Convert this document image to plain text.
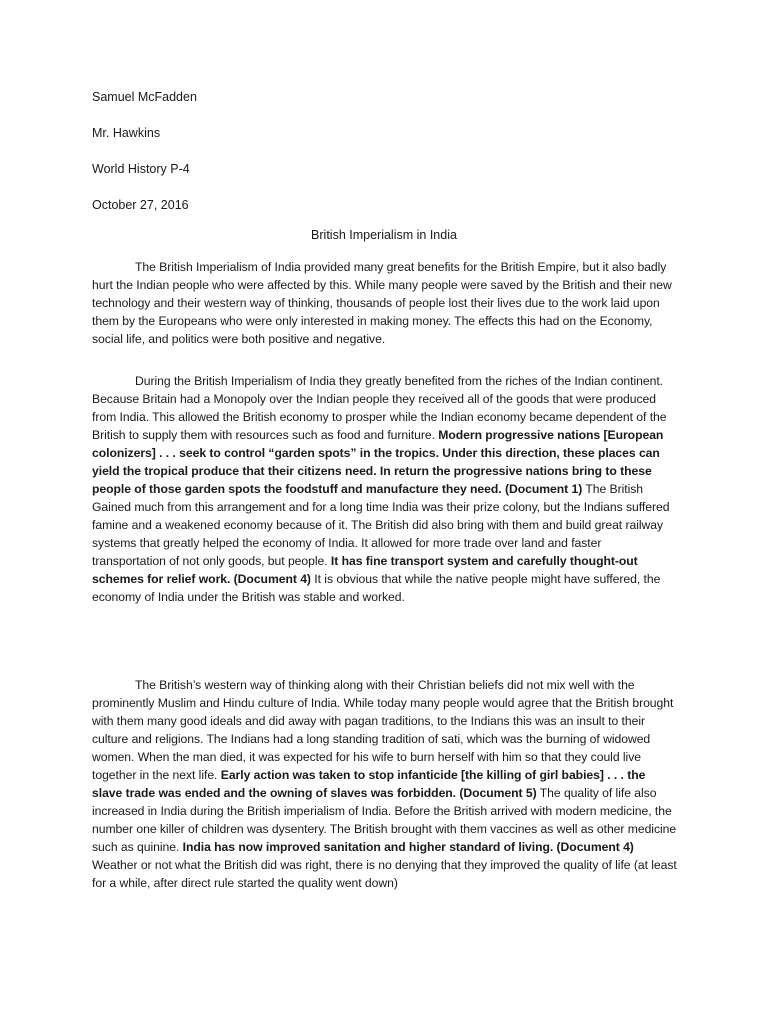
Samuel McFadden
Mr. Hawkins
World History P-4
October 27, 2016
British Imperialism in India

The British Imperialism of India provided many great benefits for the British Empire, but it also badly hurt the Indian people who were affected by this. While many people were saved by the British and their new technology and their western way of thinking, thousands of people lost their lives due to the work laid upon them by the Europeans who were only interested in making money. The effects this had on the Economy, social life, and politics were both positive and negative.

During the British Imperialism of India they greatly benefited from the riches of the Indian continent. Because Britain had a Monopoly over the Indian people they received all of the goods that were produced from India. This allowed the British economy to prosper while the Indian economy became dependent of the British to supply them with resources such as food and furniture. Modern progressive nations [European colonizers] . . . seek to control “garden spots” in the tropics. Under this direction, these places can yield the tropical produce that their citizens need. In return the progressive nations bring to these people of those garden spots the foodstuff and manufacture they need. (Document 1) The British Gained much from this arrangement and for a long time India was their prize colony, but the Indians suffered famine and a weakened economy because of it. The British did also bring with them and build great railway systems that greatly helped the economy of India. It allowed for more trade over land and faster transportation of not only goods, but people. It has fine transport system and carefully thought-out schemes for relief work. (Document 4) It is obvious that while the native people might have suffered, the economy of India under the British was stable and worked.

The British’s western way of thinking along with their Christian beliefs did not mix well with the prominently Muslim and Hindu culture of India. While today many people would agree that the British brought with them many good ideals and did away with pagan traditions, to the Indians this was an insult to their culture and religions. The Indians had a long standing tradition of sati, which was the burning of widowed women. When the man died, it was expected for his wife to burn herself with him so that they could live together in the next life. Early action was taken to stop infanticide [the killing of girl babies] . . . the slave trade was ended and the owning of slaves was forbidden. (Document 5) The quality of life also increased in India during the British imperialism of India. Before the British arrived with modern medicine, the number one killer of children was dysentery. The British brought with them vaccines as well as other medicine such as quinine. India has now improved sanitation and higher standard of living. (Document 4) Weather or not what the British did was right, there is no denying that they improved the quality of life (at least for a while, after direct rule started the quality went down)
